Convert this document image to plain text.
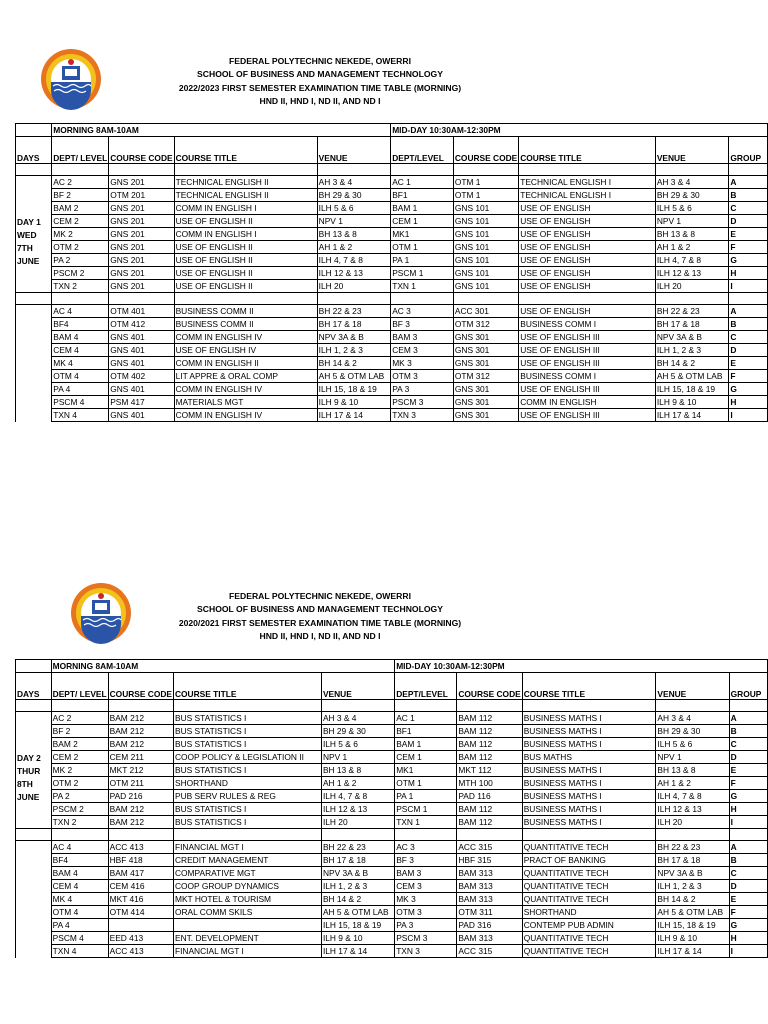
FEDERAL POLYTECHNIC NEKEDE, OWERRI
SCHOOL OF BUSINESS AND MANAGEMENT TECHNOLOGY
2022/2023 FIRST SEMESTER EXAMINATION TIME TABLE (MORNING)
HND II, HND I, ND II, AND ND I
	MORNING 8AM-10AM				MID-DAY 10:30AM-12:30PM				
DAYS	DEPT/ LEVEL	COURSE CODE	COURSE TITLE	VENUE	DEPT/LEVEL	COURSE CODE	COURSE TITLE	VENUE	GROUP

	AC 2	GNS 201	TECHNICAL ENGLISH II	AH 3 & 4	AC 1	OTM 1	TECHNICAL ENGLISH I	AH 3 & 4	A
	BF 2	OTM 201	TECHNICAL ENGLISH II	BH 29 & 30	BF1	OTM 1	TECHNICAL ENGLISH I	BH 29 & 30	B
	BAM 2	GNS 201	COMM IN ENGLISH I	ILH 5 & 6	BAM 1	GNS 101	USE OF ENGLISH	ILH 5 & 6	C
DAY 1	CEM 2	GNS 201	USE OF ENGLISH II	NPV 1	CEM 1	GNS 101	USE OF ENGLISH	NPV 1	D
WED	MK 2	GNS 201	COMM IN ENGLISH I	BH 13 & 8	MK1	GNS 101	USE OF ENGLISH	BH 13 & 8	E
7TH	OTM 2	GNS 201	USE OF ENGLISH II	AH 1 & 2	OTM 1	GNS 101	USE OF ENGLISH	AH 1 & 2	F
JUNE	PA 2	GNS 201	USE OF ENGLISH II	ILH 4, 7 & 8	PA 1	GNS 101	USE OF ENGLISH	ILH 4, 7 & 8	G
	PSCM 2	GNS 201	USE OF ENGLISH II	ILH 12 & 13	PSCM 1	GNS 101	USE OF ENGLISH	ILH 12 & 13	H
	TXN 2	GNS 201	USE OF ENGLISH II	ILH 20	TXN 1	GNS 101	USE OF ENGLISH	ILH 20	I

	AC 4	OTM 401	BUSINESS COMM II	BH 22 & 23	AC 3	ACC 301	USE OF ENGLISH	BH 22 & 23	A
	BF4	OTM 412	BUSINESS COMM II	BH 17 & 18	BF 3	OTM 312	BUSINESS COMM I	BH 17 & 18	B
	BAM 4	GNS 401	COMM IN ENGLISH IV	NPV 3A & B	BAM 3	GNS 301	USE OF ENGLISH III	NPV 3A & B	C
	CEM 4	GNS 401	USE OF ENGLISH IV	ILH 1, 2 & 3	CEM 3	GNS 301	USE OF ENGLISH III	ILH 1, 2 & 3	D
	MK 4	GNS 401	COMM IN ENGLISH II	BH 14 & 2	MK 3	GNS 301	USE OF ENGLISH III	BH 14 & 2	E
	OTM 4	OTM 402	LIT APPRE & ORAL COMP	AH 5 & OTM LAB	OTM 3	OTM 312	BUSINESS COMM I	AH 5 & OTM LAB	F
	PA 4	GNS 401	COMM IN ENGLISH IV	ILH 15, 18 & 19	PA 3	GNS 301	USE OF ENGLISH III	ILH 15, 18 & 19	G
	PSCM 4	PSM 417	MATERIALS MGT	ILH 9 & 10	PSCM 3	GNS 301	COMM IN ENGLISH	ILH 9 & 10	H
	TXN 4	GNS 401	COMM IN ENGLISH IV	ILH 17 & 14	TXN 3	GNS 301	USE OF ENGLISH III	ILH 17 & 14	I
FEDERAL POLYTECHNIC NEKEDE, OWERRI
SCHOOL OF BUSINESS AND MANAGEMENT TECHNOLOGY
2020/2021 FIRST SEMESTER EXAMINATION TIME TABLE (MORNING)
HND II, HND I, ND II, AND ND I
	MORNING 8AM-10AM				MID-DAY 10:30AM-12:30PM				
DAYS	DEPT/ LEVEL	COURSE CODE	COURSE TITLE	VENUE	DEPT/LEVEL	COURSE CODE	COURSE TITLE	VENUE	GROUP

	AC 2	BAM 212	BUS STATISTICS I	AH 3 & 4	AC 1	BAM 112	BUSINESS MATHS I	AH 3 & 4	A
	BF 2	BAM 212	BUS STATISTICS I	BH 29 & 30	BF1	BAM 112	BUSINESS MATHS I	BH 29 & 30	B
	BAM 2	BAM 212	BUS STATISTICS I	ILH 5 & 6	BAM 1	BAM 112	BUSINESS MATHS I	ILH 5 & 6	C
DAY 2	CEM 2	CEM 211	COOP POLICY & LEGISLATION II	NPV 1	CEM 1	BAM 112	BUS MATHS	NPV 1	D
THUR	MK 2	MKT 212	BUS STATISTICS I	BH 13 & 8	MK1	MKT 112	BUSINESS MATHS I	BH 13 & 8	E
8TH	OTM 2	OTM 211	SHORTHAND	AH 1 & 2	OTM 1	MTH 100	BUSINESS MATHS I	AH 1 & 2	F
JUNE	PA 2	PAD 216	PUB SERV RULES & REG	ILH 4, 7 & 8	PA 1	PAD 116	BUSINESS MATHS I	ILH 4, 7 & 8	G
	PSCM 2	BAM 212	BUS STATISTICS I	ILH 12 & 13	PSCM 1	BAM 112	BUSINESS MATHS I	ILH 12 & 13	H
	TXN 2	BAM 212	BUS STATISTICS I	ILH 20	TXN 1	BAM 112	BUSINESS MATHS I	ILH 20	I

	AC 4	ACC 413	FINANCIAL MGT I	BH 22 & 23	AC 3	ACC 315	QUANTITATIVE TECH	BH 22 & 23	A
	BF4	HBF 418	CREDIT MANAGEMENT	BH 17 & 18	BF 3	HBF 315	PRACT OF BANKING	BH 17 & 18	B
	BAM 4	BAM 417	COMPARATIVE MGT	NPV 3A & B	BAM 3	BAM 313	QUANTITATIVE TECH	NPV 3A & B	C
	CEM 4	CEM 416	COOP GROUP DYNAMICS	ILH 1, 2 & 3	CEM 3	BAM 313	QUANTITATIVE TECH	ILH 1, 2 & 3	D
	MK 4	MKT 416	MKT HOTEL & TOURISM	BH 14 & 2	MK 3	BAM 313	QUANTITATIVE TECH	BH 14 & 2	E
	OTM 4	OTM 414	ORAL COMM SKILS	AH 5 & OTM LAB	OTM 3	OTM 311	SHORTHAND	AH 5 & OTM LAB	F
	PA 4			ILH 15, 18 & 19	PA 3	PAD 316	CONTEMP PUB ADMIN	ILH 15, 18 & 19	G
	PSCM 4	EED 413	ENT. DEVELOPMENT	ILH 9 & 10	PSCM 3	BAM 313	QUANTITATIVE TECH	ILH 9 & 10	H
	TXN 4	ACC 413	FINANCIAL MGT I	ILH 17 & 14	TXN 3	ACC 315	QUANTITATIVE TECH	ILH 17 & 14	I
